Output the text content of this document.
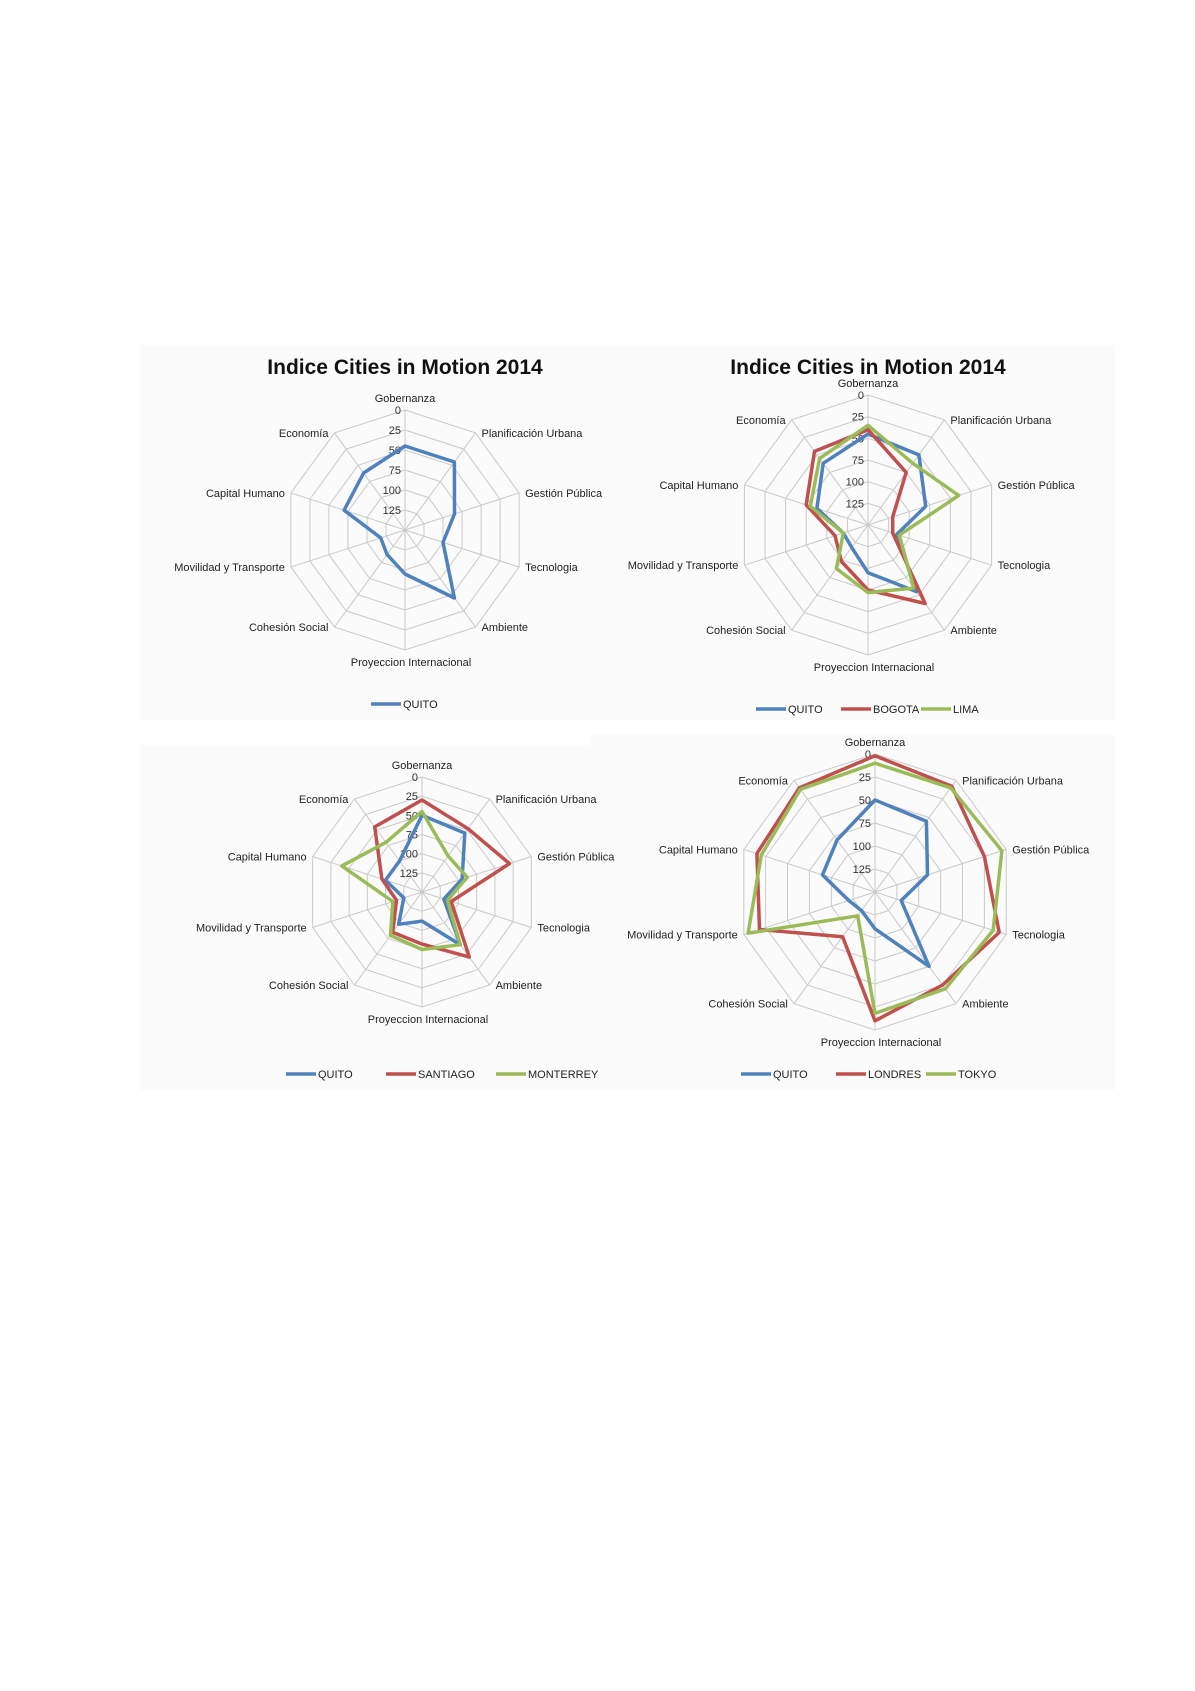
Indice Cities in Motion 2014	Indice Cities in Motion 2014
0
25
50
75
100
125
Gobernanza
Planificación Urbana
Gestión Pública
Tecnologia
Ambiente
Proyeccion Internacional
Cohesión Social
Movilidad y Transporte
Capital Humano
Economía
QUITO
0
25
50
75
100
125
Gobernanza
Planificación Urbana
Gestión Pública
Tecnologia
Ambiente
Proyeccion Internacional
Cohesión Social
Movilidad y Transporte
Capital Humano
Economía
QUITO	BOGOTA	LIMA
0
25
50
75
100
125
Gobernanza
Planificación Urbana
Gestión Pública
Tecnologia
Ambiente
Proyeccion Internacional
Cohesión Social
Movilidad y Transporte
Capital Humano
Economía
QUITO	SANTIAGO	MONTERREY
0
25
50
75
100
125
Gobernanza
Planificación Urbana
Gestión Pública
Tecnologia
Ambiente
Proyeccion Internacional
Cohesión Social
Movilidad y Transporte
Capital Humano
Economía
QUITO	LONDRES	TOKYO
